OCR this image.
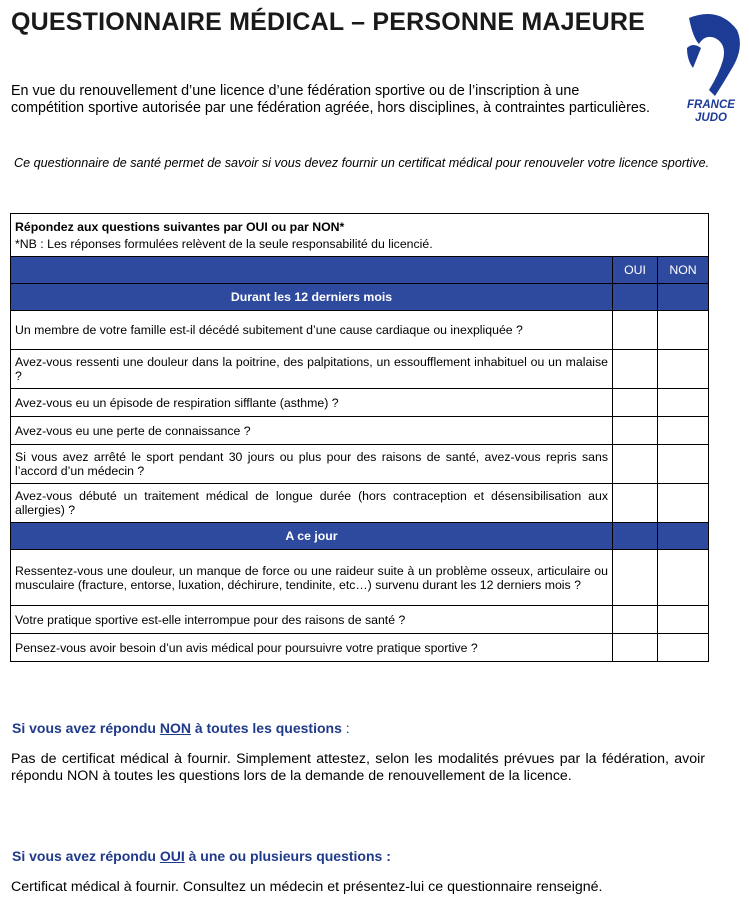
QUESTIONNAIRE MÉDICAL – PERSONNE MAJEURE
En vue du renouvellement d’une licence d’une fédération sportive ou de l’inscription à une compétition sportive autorisée par une fédération agréée, hors disciplines, à contraintes particulières.
Ce questionnaire de santé permet de savoir si vous devez fournir un certificat médical pour renouveler votre licence sportive.
FRANCE
JUDO
Répondez aux questions suivantes par OUI ou par NON*
*NB : Les réponses formulées relèvent de la seule responsabilité du licencié.		

	OUI	NON
Durant les 12 derniers mois		
Un membre de votre famille est-il décédé subitement d’une cause cardiaque ou inexpliquée ?		
Avez-vous ressenti une douleur dans la poitrine, des palpitations, un essoufflement inhabituel ou un malaise ?		
Avez-vous eu un épisode de respiration sifflante (asthme) ?		
Avez-vous eu une perte de connaissance ?		
Si vous avez arrêté le sport pendant 30 jours ou plus pour des raisons de santé, avez-vous repris sans l’accord d’un médecin ?		
Avez-vous débuté un traitement médical de longue durée (hors contraception et désensibilisation aux allergies) ?		
A ce jour		
Ressentez-vous une douleur, un manque de force ou une raideur suite à un problème osseux, articulaire ou musculaire (fracture, entorse, luxation, déchirure, tendinite, etc…) survenu durant les 12 derniers mois ?		
Votre pratique sportive est-elle interrompue pour des raisons de santé ?		
Pensez-vous avoir besoin d’un avis médical pour poursuivre votre pratique sportive ?		
Si vous avez répondu NON à toutes les questions :
Pas de certificat médical à fournir. Simplement attestez, selon les modalités prévues par la fédération, avoir répondu NON à toutes les questions lors de la demande de renouvellement de la licence.
Si vous avez répondu OUI à une ou plusieurs questions :
Certificat médical à fournir. Consultez un médecin et présentez-lui ce questionnaire renseigné.
